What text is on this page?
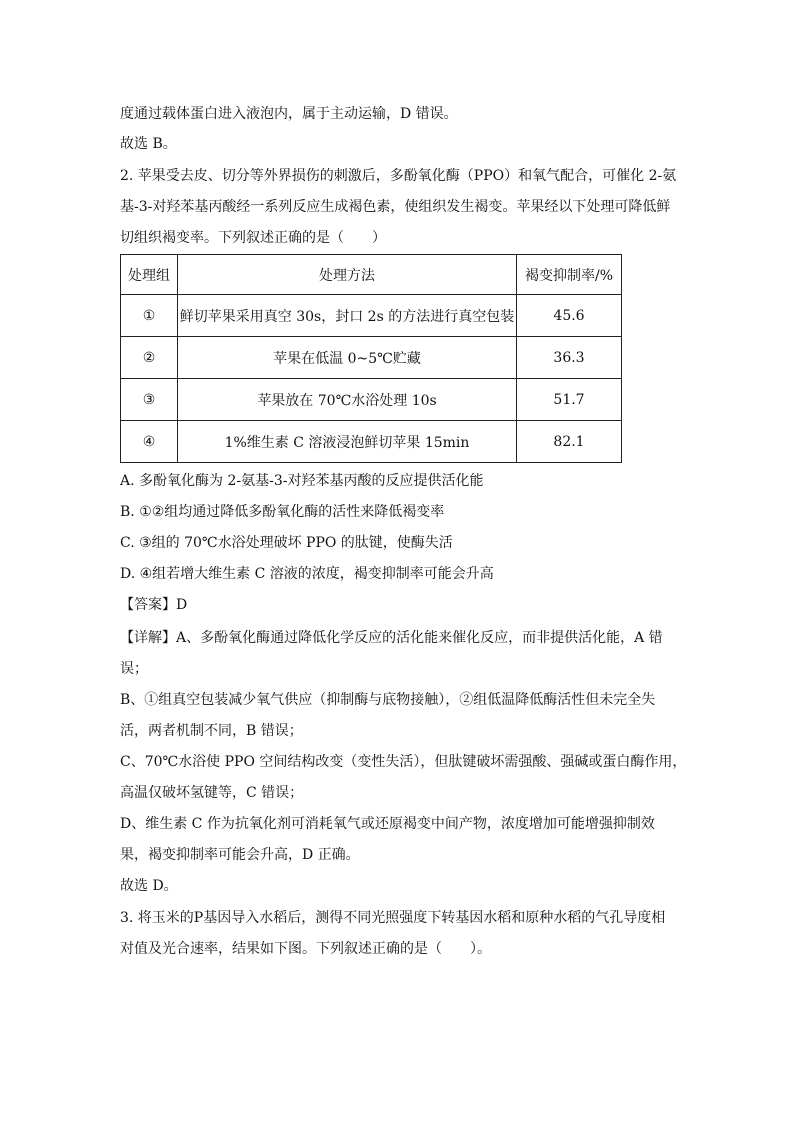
度通过载体蛋白进入液泡内，属于主动运输，D 错误。
故选 B。
2. 苹果受去皮、切分等外界损伤的刺激后，多酚氧化酶（PPO）和氧气配合，可催化 2-氨
基-3-对羟苯基丙酸经一系列反应生成褐色素，使组织发生褐变。苹果经以下处理可降低鲜
切组织褐变率。下列叙述正确的是（　　）
处理组	处理方法	褐变抑制率/%
①	鲜切苹果采用真空 30s，封口 2s 的方法进行真空包装	45.6
②	苹果在低温 0~5℃贮藏	36.3
③	苹果放在 70℃水浴处理 10s	51.7
④	1%维生素 C 溶液浸泡鲜切苹果 15min	82.1
A. 多酚氧化酶为 2-氨基-3-对羟苯基丙酸的反应提供活化能
B. ①②组均通过降低多酚氧化酶的活性来降低褐变率
C. ③组的 70℃水浴处理破坏 PPO 的肽键，使酶失活
D. ④组若增大维生素 C 溶液的浓度，褐变抑制率可能会升高
【答案】D
【详解】A、多酚氧化酶通过降低化学反应的活化能来催化反应，而非提供活化能，A 错
误；
B、①组真空包装减少氧气供应（抑制酶与底物接触），②组低温降低酶活性但未完全失
活，两者机制不同，B 错误；
C、70℃水浴使 PPO 空间结构改变（变性失活），但肽键破坏需强酸、强碱或蛋白酶作用，
高温仅破坏氢键等，C 错误；
D、维生素 C 作为抗氧化剂可消耗氧气或还原褐变中间产物，浓度增加可能增强抑制效
果，褐变抑制率可能会升高，D 正确。
故选 D。
3. 将玉米的P基因导入水稻后，测得不同光照强度下转基因水稻和原种水稻的气孔导度相
对值及光合速率，结果如下图。下列叙述正确的是（　　）。
